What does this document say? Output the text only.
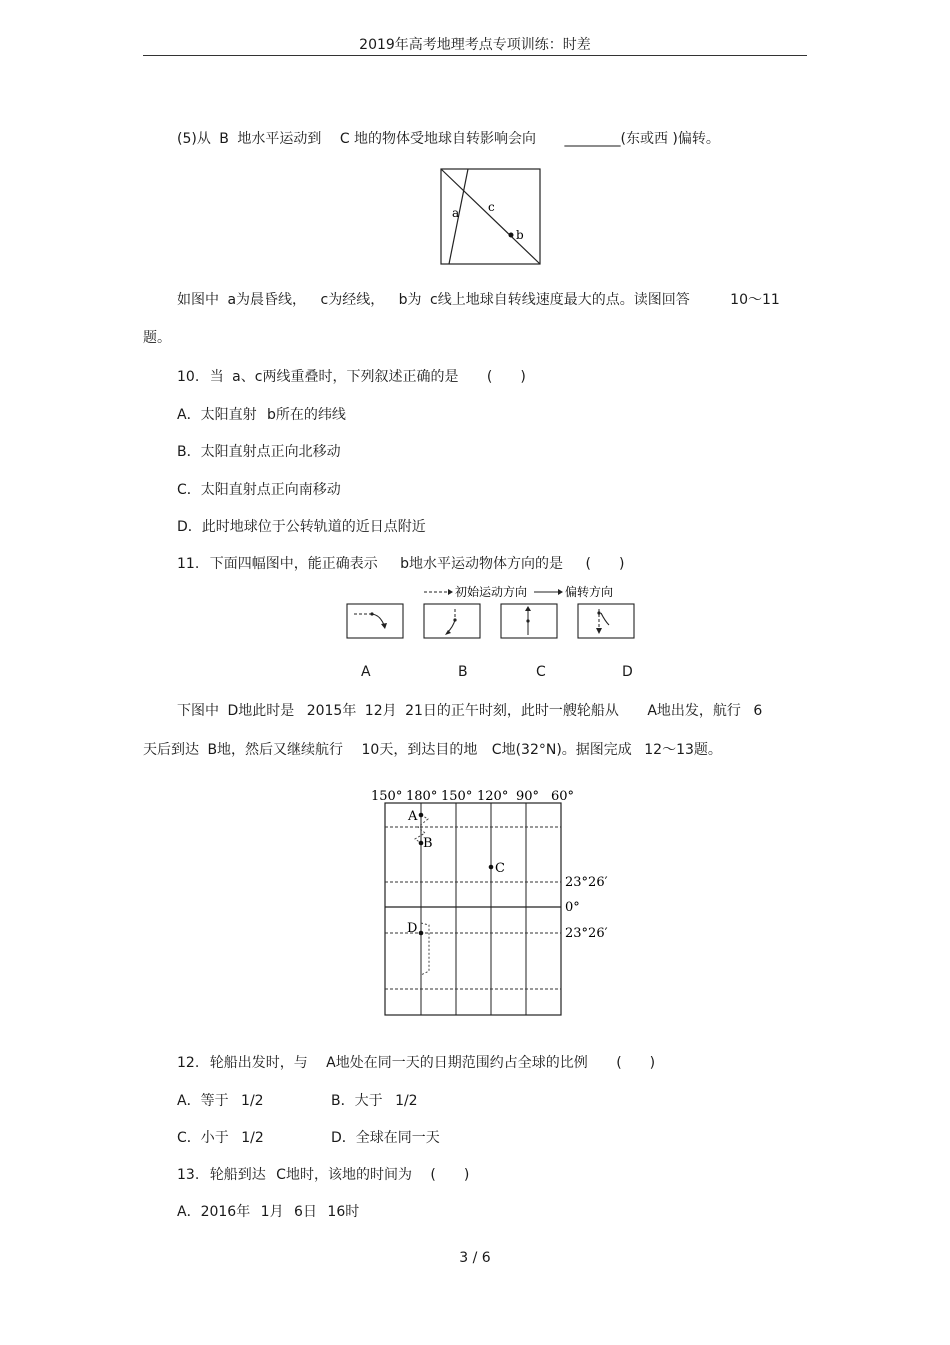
2019年高考地理考点专项训练：时差
(5)从 B 地水平运动到 C 地的物体受地球自转影响会向 ________(东或西 )偏转。
a c
b
如图中 a为晨昏线， c为经线， b为 c线上地球自转线速度最大的点。读图回答	10～11
题。
10. 当 a、c两线重叠时，下列叙述正确的是 (　　)
A．太阳直射 b所在的纬线
B．太阳直射点正向北移动
C．太阳直射点正向南移动
D．此时地球位于公转轨道的近日点附近
11. 下面四幅图中，能正确表示 b地水平运动物体方向的是 (　　)
初始运动方向	偏转方向
A	B	C	D
下图中 D地此时是 2015年 12月 21日的正午时刻，此时一艘轮船从 A地出发，航行 6
天后到达 B地，然后又继续航行 10天，到达目的地 C地(32°N)。据图完成 12～13题。
150° 180° 150° 120° 90° 60°
23°26′
0°
23°26′
A
B
C
D
12. 轮船出发时，与 A地处在同一天的日期范围约占全球的比例 (　　)
A．等于 1/2	B．大于 1/2
C．小于 1/2	D．全球在同一天
13. 轮船到达 C地时，该地的时间为 (　　)
A．2016年 1月 6日 16时
3 / 6
